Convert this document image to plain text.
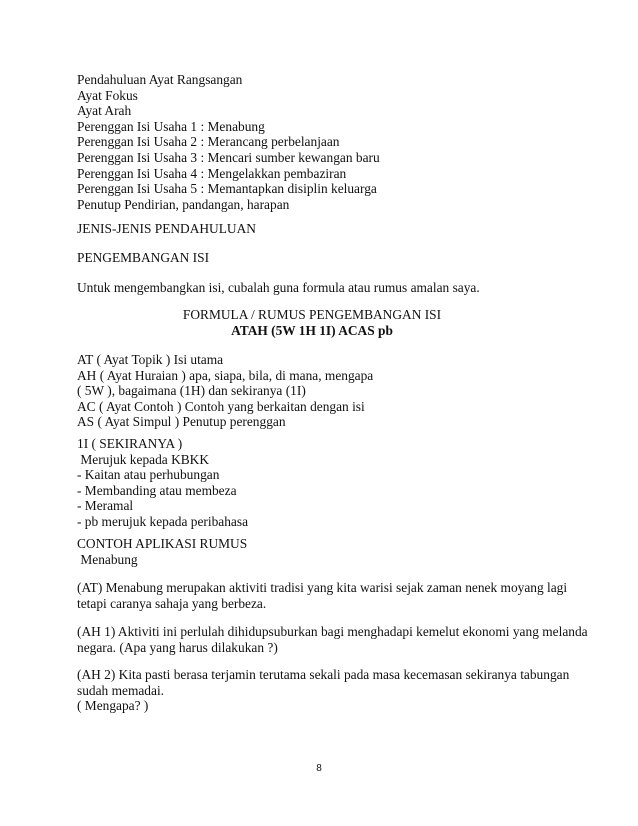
Pendahuluan Ayat Rangsangan
Ayat Fokus
Ayat Arah
Perenggan Isi Usaha 1 : Menabung
Perenggan Isi Usaha 2 : Merancang perbelanjaan
Perenggan Isi Usaha 3 : Mencari sumber kewangan baru
Perenggan Isi Usaha 4 : Mengelakkan pembaziran
Perenggan Isi Usaha 5 : Memantapkan disiplin keluarga
Penutup Pendirian, pandangan, harapan
JENIS-JENIS PENDAHULUAN
PENGEMBANGAN ISI
Untuk mengembangkan isi, cubalah guna formula atau rumus amalan saya.
FORMULA / RUMUS PENGEMBANGAN ISI
ATAH (5W 1H 1I) ACAS pb
AT ( Ayat Topik ) Isi utama
AH ( Ayat Huraian ) apa, siapa, bila, di mana, mengapa
( 5W ), bagaimana (1H) dan sekiranya (1I)
AC ( Ayat Contoh ) Contoh yang berkaitan dengan isi
AS ( Ayat Simpul ) Penutup perenggan
1I ( SEKIRANYA )
Merujuk kepada KBKK
- Kaitan atau perhubungan
- Membanding atau membeza
- Meramal
- pb merujuk kepada peribahasa
CONTOH APLIKASI RUMUS
Menabung
(AT) Menabung merupakan aktiviti tradisi yang kita warisi sejak zaman nenek moyang lagi
tetapi caranya sahaja yang berbeza.
(AH 1) Aktiviti ini perlulah dihidupsuburkan bagi menghadapi kemelut ekonomi yang melanda
negara. (Apa yang harus dilakukan ?)
(AH 2) Kita pasti berasa terjamin terutama sekali pada masa kecemasan sekiranya tabungan
sudah memadai.
( Mengapa? )
8
